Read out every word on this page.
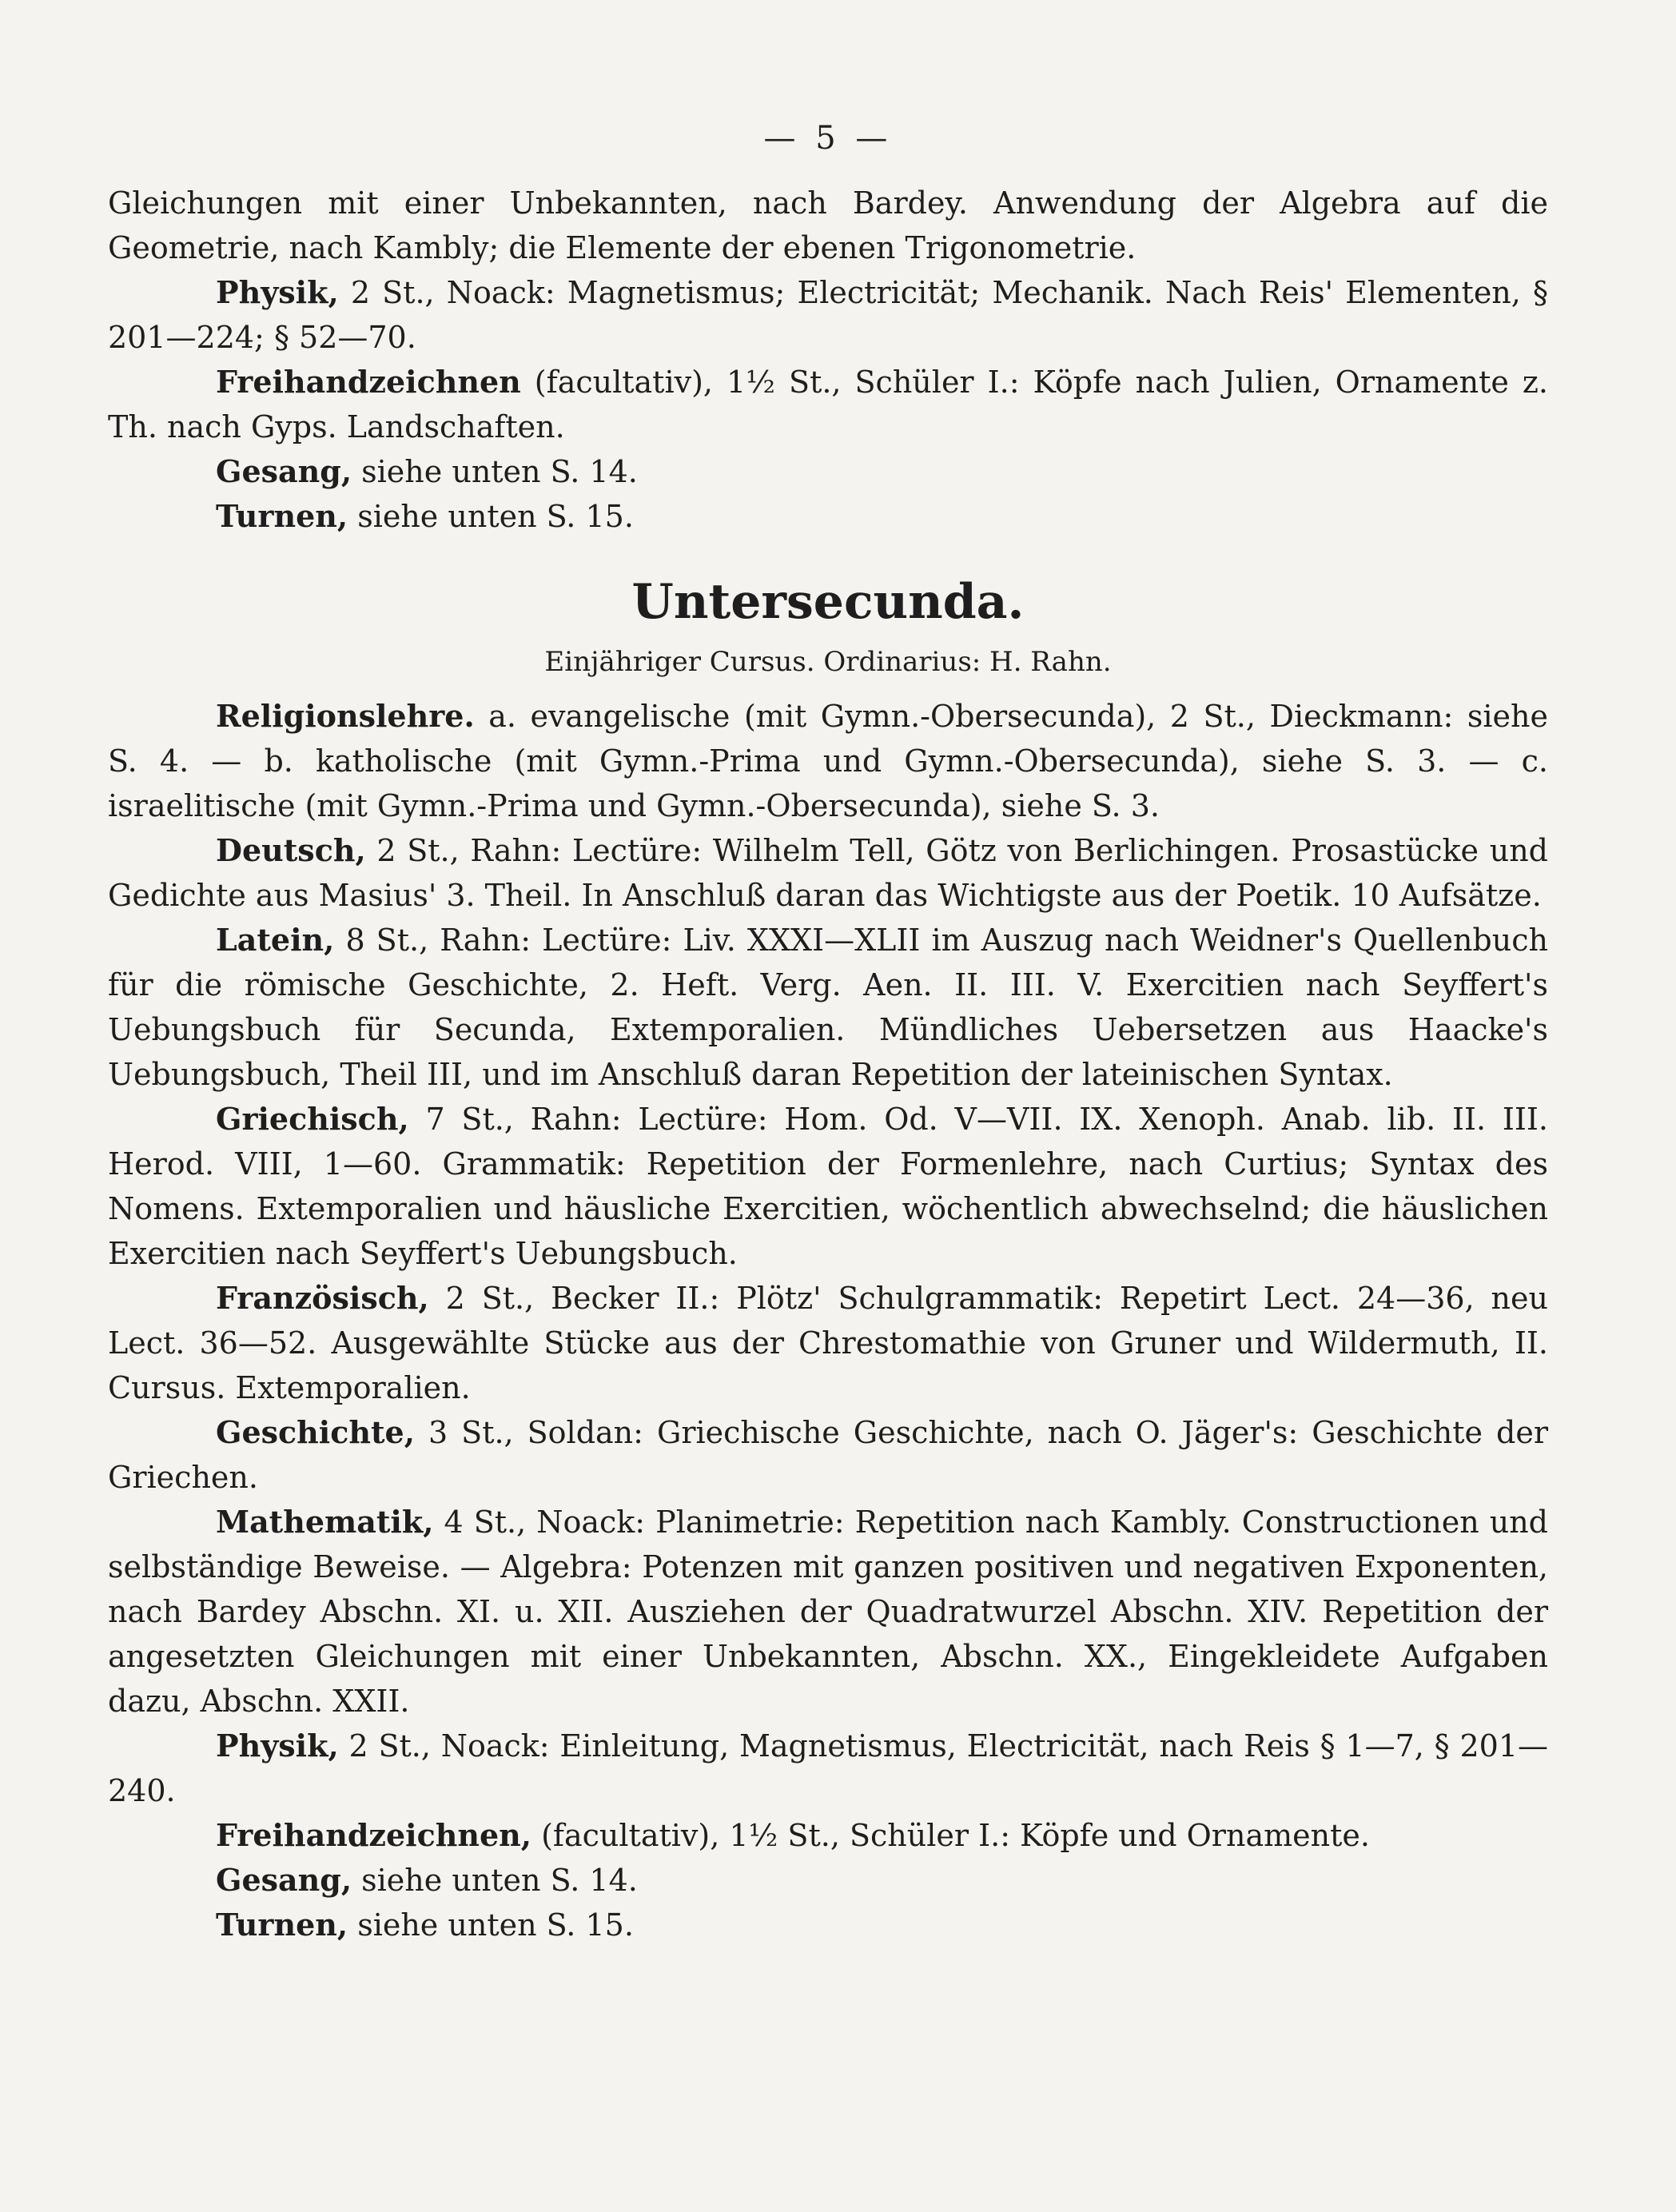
— 5 —

Gleichungen mit einer Unbekannten, nach Bardey. Anwendung der Algebra auf die Geometrie, nach Kambly; die Elemente der ebenen Trigonometrie.

Physik, 2 St., Noack: Magnetismus; Electricität; Mechanik. Nach Reis' Elementen, § 201—224; § 52—70.

Freihandzeichnen (facultativ), 1½ St., Schüler I.: Köpfe nach Julien, Ornamente z. Th. nach Gyps. Landschaften.

Gesang, siehe unten S. 14.

Turnen, siehe unten S. 15.

Untersecunda.
Einjähriger Cursus. Ordinarius: H. Rahn.

Religionslehre. a. evangelische (mit Gymn.-Obersecunda), 2 St., Dieckmann: siehe S. 4. — b. katholische (mit Gymn.-Prima und Gymn.-Obersecunda), siehe S. 3. — c. israelitische (mit Gymn.-Prima und Gymn.-Obersecunda), siehe S. 3.

Deutsch, 2 St., Rahn: Lectüre: Wilhelm Tell, Götz von Berlichingen. Prosastücke und Gedichte aus Masius' 3. Theil. In Anschluß daran das Wichtigste aus der Poetik. 10 Aufsätze.

Latein, 8 St., Rahn: Lectüre: Liv. XXXI—XLII im Auszug nach Weidner's Quellenbuch für die römische Geschichte, 2. Heft. Verg. Aen. II. III. V. Exercitien nach Seyffert's Uebungsbuch für Secunda, Extemporalien. Mündliches Uebersetzen aus Haacke's Uebungsbuch, Theil III, und im Anschluß daran Repetition der lateinischen Syntax.

Griechisch, 7 St., Rahn: Lectüre: Hom. Od. V—VII. IX. Xenoph. Anab. lib. II. III. Herod. VIII, 1—60. Grammatik: Repetition der Formenlehre, nach Curtius; Syntax des Nomens. Extemporalien und häusliche Exercitien, wöchentlich abwechselnd; die häuslichen Exercitien nach Seyffert's Uebungsbuch.

Französisch, 2 St., Becker II.: Plötz' Schulgrammatik: Repetirt Lect. 24—36, neu Lect. 36—52. Ausgewählte Stücke aus der Chrestomathie von Gruner und Wildermuth, II. Cursus. Extemporalien.

Geschichte, 3 St., Soldan: Griechische Geschichte, nach O. Jäger's: Geschichte der Griechen.

Mathematik, 4 St., Noack: Planimetrie: Repetition nach Kambly. Constructionen und selbständige Beweise. — Algebra: Potenzen mit ganzen positiven und negativen Exponenten, nach Bardey Abschn. XI. u. XII. Ausziehen der Quadratwurzel Abschn. XIV. Repetition der angesetzten Gleichungen mit einer Unbekannten, Abschn. XX., Eingekleidete Aufgaben dazu, Abschn. XXII.

Physik, 2 St., Noack: Einleitung, Magnetismus, Electricität, nach Reis § 1—7, § 201—240.

Freihandzeichnen, (facultativ), 1½ St., Schüler I.: Köpfe und Ornamente.

Gesang, siehe unten S. 14.

Turnen, siehe unten S. 15.
